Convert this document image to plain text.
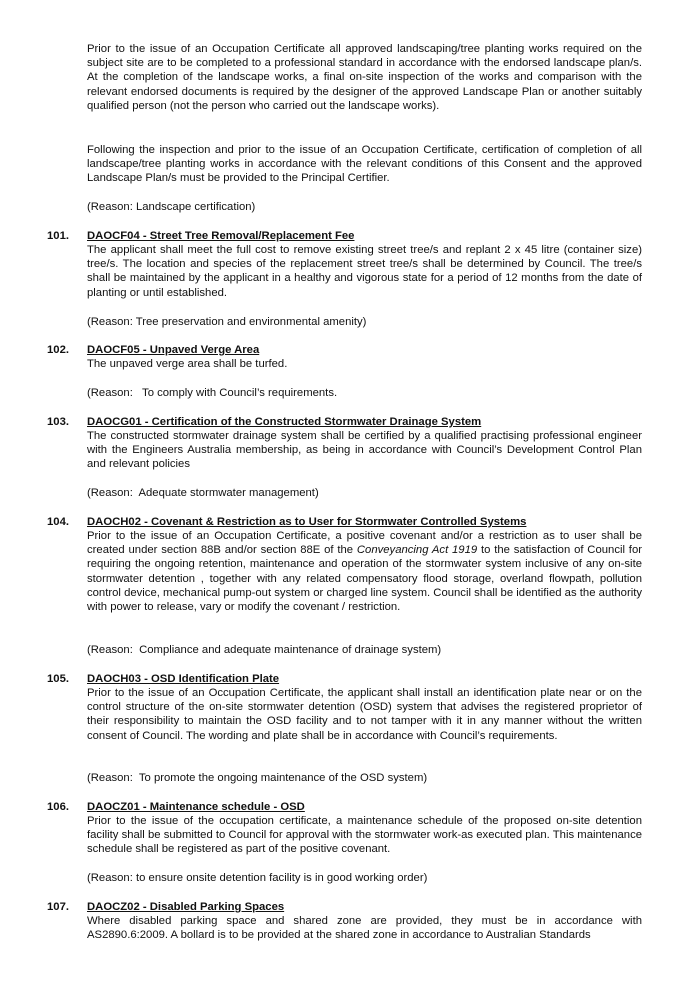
Prior to the issue of an Occupation Certificate all approved landscaping/tree planting works required on the subject site are to be completed to a professional standard in accordance with the endorsed landscape plan/s. At the completion of the landscape works, a final on-site inspection of the works and comparison with the relevant endorsed documents is required by the designer of the approved Landscape Plan or another suitably qualified person (not the person who carried out the landscape works).

Following the inspection and prior to the issue of an Occupation Certificate, certification of completion of all landscape/tree planting works in accordance with the relevant conditions of this Consent and the approved Landscape Plan/s must be provided to the Principal Certifier.

(Reason: Landscape certification)

101. DAOCF04 - Street Tree Removal/Replacement Fee

The applicant shall meet the full cost to remove existing street tree/s and replant 2 x 45 litre (container size) tree/s. The location and species of the replacement street tree/s shall be determined by Council. The tree/s shall be maintained by the applicant in a healthy and vigorous state for a period of 12 months from the date of planting or until established.

(Reason: Tree preservation and environmental amenity)

102. DAOCF05 - Unpaved Verge Area

The unpaved verge area shall be turfed.

(Reason:   To comply with Council’s requirements.

103. DAOCG01 - Certification of the Constructed Stormwater Drainage System

The constructed stormwater drainage system shall be certified by a qualified practising professional engineer with the Engineers Australia membership, as being in accordance with Council’s Development Control Plan and relevant policies

(Reason:  Adequate stormwater management)

104. DAOCH02 - Covenant & Restriction as to User for Stormwater Controlled Systems

Prior to the issue of an Occupation Certificate, a positive covenant and/or a restriction as to user shall be created under section 88B and/or section 88E of the Conveyancing Act 1919 to the satisfaction of Council for requiring the ongoing retention, maintenance and operation of the stormwater system inclusive of any on-site stormwater detention , together with any related compensatory flood storage, overland flowpath, pollution control device, mechanical pump-out system or charged line system. Council shall be identified as the authority with power to release, vary or modify the covenant / restriction.

(Reason:  Compliance and adequate maintenance of drainage system)

105. DAOCH03 - OSD Identification Plate

Prior to the issue of an Occupation Certificate, the applicant shall install an identification plate near or on the control structure of the on-site stormwater detention (OSD) system that advises the registered proprietor of their responsibility to maintain the OSD facility and to not tamper with it in any manner without the written consent of Council. The wording and plate shall be in accordance with Council’s requirements.

(Reason:  To promote the ongoing maintenance of the OSD system)

106. DAOCZ01 - Maintenance schedule - OSD

Prior to the issue of the occupation certificate, a maintenance schedule of the proposed on-site detention facility shall be submitted to Council for approval with the stormwater work-as executed plan. This maintenance schedule shall be registered as part of the positive covenant.

(Reason: to ensure onsite detention facility is in good working order)

107. DAOCZ02 - Disabled Parking Spaces

Where disabled parking space and shared zone are provided, they must be in accordance with AS2890.6:2009. A bollard is to be provided at the shared zone in accordance to Australian Standards
